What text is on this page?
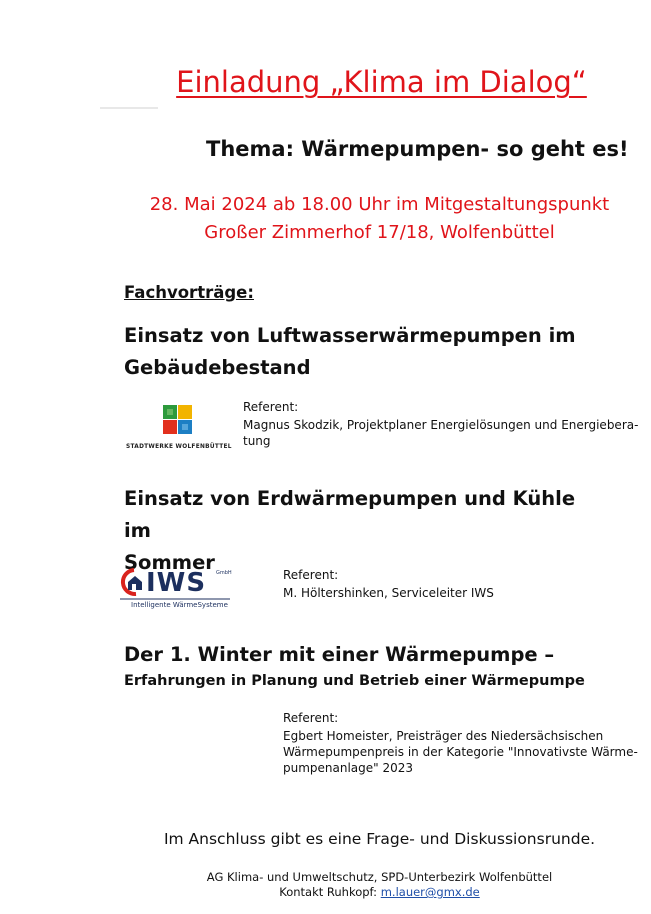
Einladung „Klima im Dialog“
Thema: Wärmepumpen- so geht es!
28. Mai 2024 ab 18.00 Uhr im Mitgestaltungspunkt
Großer Zimmerhof 17/18, Wolfenbüttel
Fachvorträge:
Einsatz von Luftwasserwärmepumpen im
Gebäudebestand
STADTWERKE WOLFENBÜTTEL

Referent:

Magnus Skodzik, Projektplaner Energielösungen und Energiebera-

tung

Einsatz von Erdwärmepumpen und Kühle im
Sommer
IWS GmbH
Intelligente WärmeSysteme

Referent:

M. Höltershinken, Serviceleiter IWS

Der 1. Winter mit einer Wärmepumpe –
Erfahrungen in Planung und Betrieb einer Wärmepumpe

Referent:

Egbert Homeister, Preisträger des Niedersächsischen

Wärmepumpenpreis in der Kategorie "Innovativste Wärme-

pumpenanlage" 2023

Im Anschluss gibt es eine Frage- und Diskussionsrunde.
AG Klima- und Umweltschutz, SPD-Unterbezirk Wolfenbüttel
Kontakt Ruhkopf: m.lauer@gmx.de
